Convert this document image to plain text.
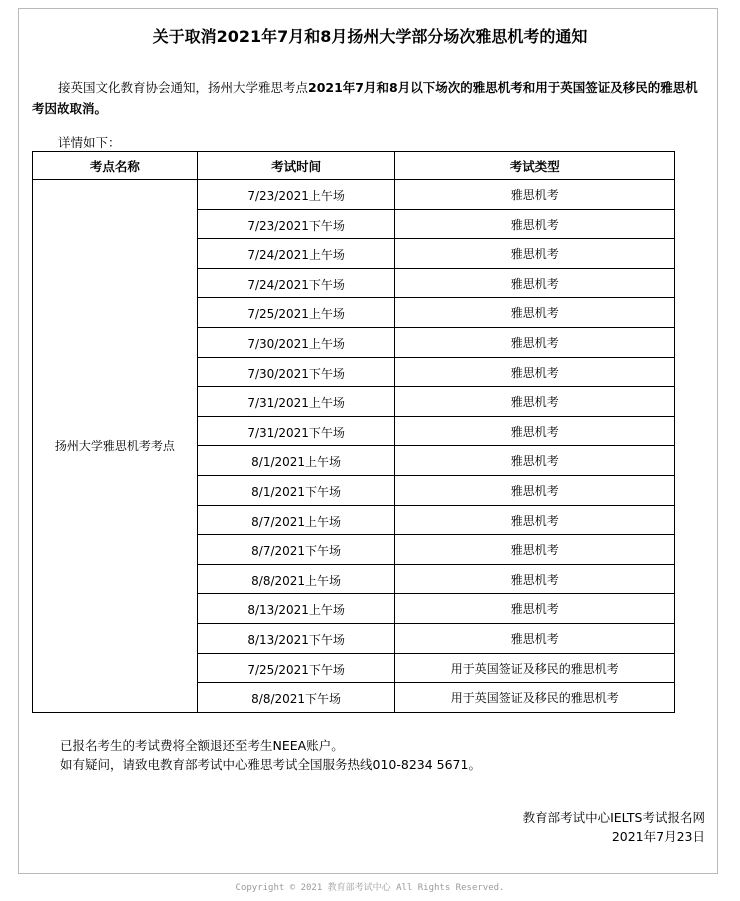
关于取消2021年7月和8月扬州大学部分场次雅思机考的通知
接英国文化教育协会通知，扬州大学雅思考点2021年7月和8月以下场次的雅思机考和用于英国签证及移民的雅思机考因故取消。
详情如下：
考点名称	考试时间	考试类型
扬州大学雅思机考考点	7/23/2021上午场	雅思机考
	7/23/2021下午场	雅思机考
	7/24/2021上午场	雅思机考
	7/24/2021下午场	雅思机考
	7/25/2021上午场	雅思机考
	7/30/2021上午场	雅思机考
	7/30/2021下午场	雅思机考
	7/31/2021上午场	雅思机考
	7/31/2021下午场	雅思机考
	8/1/2021上午场	雅思机考
	8/1/2021下午场	雅思机考
	8/7/2021上午场	雅思机考
	8/7/2021下午场	雅思机考
	8/8/2021上午场	雅思机考
	8/13/2021上午场	雅思机考
	8/13/2021下午场	雅思机考
	7/25/2021下午场	用于英国签证及移民的雅思机考
	8/8/2021下午场	用于英国签证及移民的雅思机考
已报名考生的考试费将全额退还至考生NEEA账户。
如有疑问，请致电教育部考试中心雅思考试全国服务热线010-8234 5671。
教育部考试中心IELTS考试报名网
2021年7月23日
Copyright © 2021 教育部考试中心 All Rights Reserved.
